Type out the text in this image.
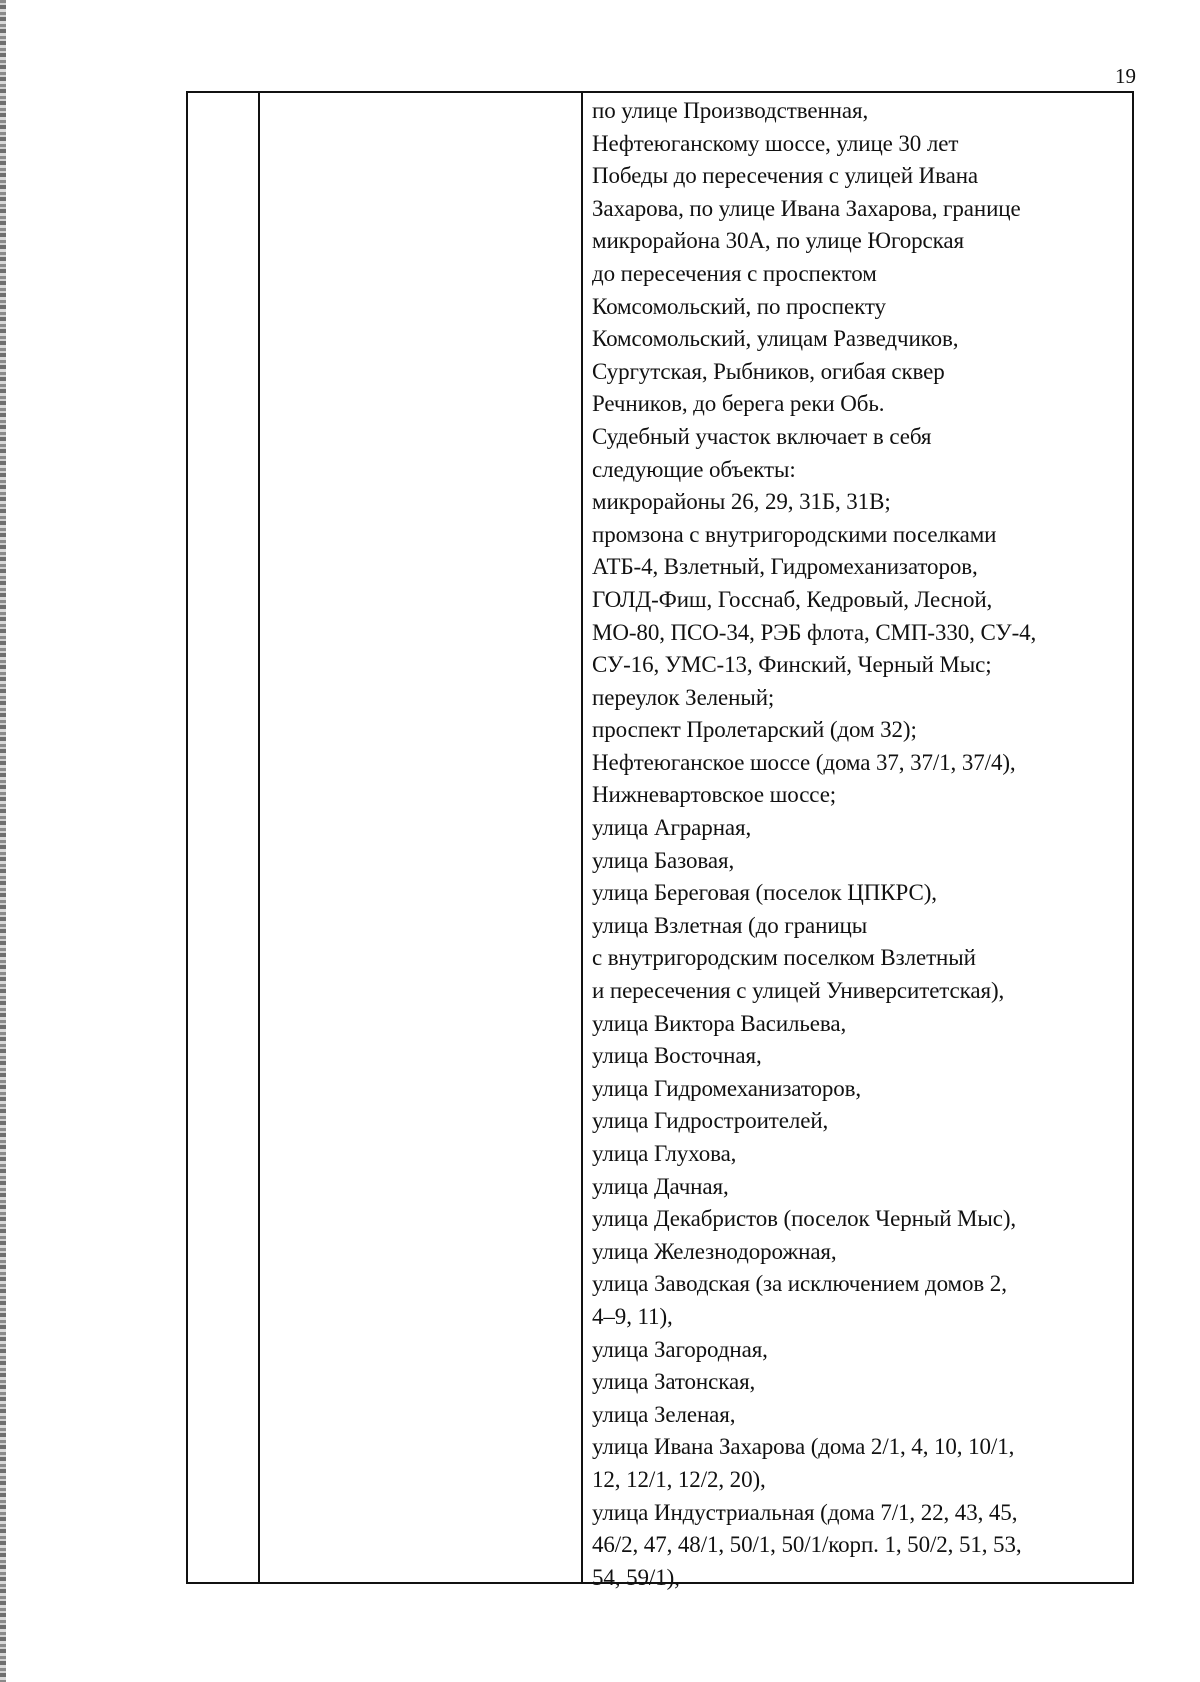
19
по улице Производственная,
Нефтеюганскому шоссе, улице 30 лет
Победы до пересечения с улицей Ивана
Захарова, по улице Ивана Захарова, границе
микрорайона 30А, по улице Югорская
до пересечения с проспектом
Комсомольский, по проспекту
Комсомольский, улицам Разведчиков,
Сургутская, Рыбников, огибая сквер
Речников, до берега реки Обь.
Судебный участок включает в себя
следующие объекты:
микрорайоны 26, 29, 31Б, 31В;
промзона с внутригородскими поселками
АТБ-4, Взлетный, Гидромеханизаторов,
ГОЛД-Фиш, Госснаб, Кедровый, Лесной,
МО-80, ПСО-34, РЭБ флота, СМП-330, СУ-4,
СУ-16, УМС-13, Финский, Черный Мыс;
переулок Зеленый;
проспект Пролетарский (дом 32);
Нефтеюганское шоссе (дома 37, 37/1, 37/4),
Нижневартовское шоссе;
улица Аграрная,
улица Базовая,
улица Береговая (поселок ЦПКРС),
улица Взлетная (до границы
с внутригородским поселком Взлетный
и пересечения с улицей Университетская),
улица Виктора Васильева,
улица Восточная,
улица Гидромеханизаторов,
улица Гидростроителей,
улица Глухова,
улица Дачная,
улица Декабристов (поселок Черный Мыс),
улица Железнодорожная,
улица Заводская (за исключением домов 2,
4–9, 11),
улица Загородная,
улица Затонская,
улица Зеленая,
улица Ивана Захарова (дома 2/1, 4, 10, 10/1,
12, 12/1, 12/2, 20),
улица Индустриальная (дома 7/1, 22, 43, 45,
46/2, 47, 48/1, 50/1, 50/1/корп. 1, 50/2, 51, 53,
54, 59/1),
